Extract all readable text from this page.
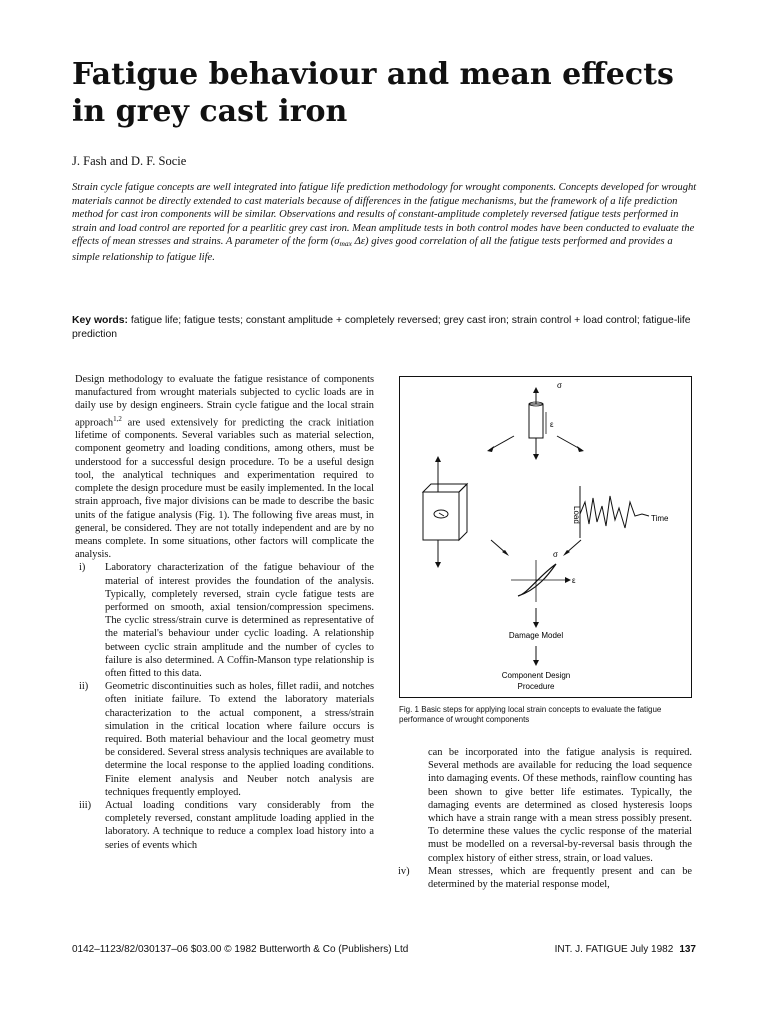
Fatigue behaviour and mean effects in grey cast iron
J. Fash and D. F. Socie

Strain cycle fatigue concepts are well integrated into fatigue life prediction methodology for wrought components. Concepts developed for wrought materials cannot be directly extended to cast materials because of differences in the fatigue mechanisms, but the framework of a life prediction method for cast iron components will be similar. Observations and results of constant-amplitude completely reversed fatigue tests performed in strain and load control are reported for a pearlitic grey cast iron. Mean amplitude tests in both control modes have been conducted to evaluate the effects of mean stresses and strains. A parameter of the form ($\sigma_{max}$ Δε) gives good correlation of all the fatigue tests performed and provides a simple relationship to fatigue life.

Key words: fatigue life; fatigue tests; constant amplitude + completely reversed; grey cast iron; strain control + load control; fatigue-life prediction

Design methodology to evaluate the fatigue resistance of components manufactured from wrought materials subjected to cyclic loads are in daily use by design engineers. Strain cycle fatigue and the local strain approach$^{1,2}$ are used extensively for predicting the crack initiation lifetime of components. Several variables such as material selection, component geometry and loading conditions, among others, must be understood for a successful design procedure. To be a useful design tool, the analytical techniques and experimentation required to complete the design procedure must be easily implemented. In the local strain approach, five major divisions can be made to describe the basic units of the fatigue analysis (Fig. 1). The following five areas must, in general, be considered. They are not totally independent and are by no means complete. In some situations, other factors will complicate the analysis.

i) Laboratory characterization of the fatigue behaviour of the material of interest provides the foundation of the analysis. Typically, completely reversed, strain cycle fatigue tests are performed on smooth, axial tension/compression specimens. The cyclic stress/strain curve is determined as representative of the material's behaviour under cyclic loading. A relationship between cyclic strain amplitude and the number of cycles to failure is also determined. A Coffin-Manson type relationship is often fitted to this data.
ii) Geometric discontinuities such as holes, fillet radii, and notches often initiate failure. To extend the laboratory materials characterization to the actual component, a stress/strain simulation in the critical location where failure occurs is required. Both material behaviour and the local geometry must be considered. Several stress analysis techniques are available to determine the local response to the applied loading conditions. Finite element analysis and Neuber notch analysis are techniques frequently employed.
iii) Actual loading conditions vary considerably from the completely reversed, constant amplitude loading applied in the laboratory. A technique to reduce a complex load history into a series of events which
σ
ε
Load	Time
σ
ε
Damage Model
Component Design
Procedure

Fig. 1 Basic steps for applying local strain concepts to evaluate the fatigue performance of wrought components

can be incorporated into the fatigue analysis is required. Several methods are available for reducing the load sequence into damaging events. Of these methods, rainflow counting has been shown to give better life estimates. Typically, the damaging events are determined as closed hysteresis loops which have a strain range with a mean stress possibly present. To determine these values the cyclic response of the material must be modelled on a reversal-by-reversal basis through the complex history of either stress, strain, or load values.

iv) Mean stresses, which are frequently present and can be determined by the material response model,
0142–1123/82/030137–06 $03.00 © 1982 Butterworth & Co (Publishers) Ltd	INT. J. FATIGUE July 1982 137
